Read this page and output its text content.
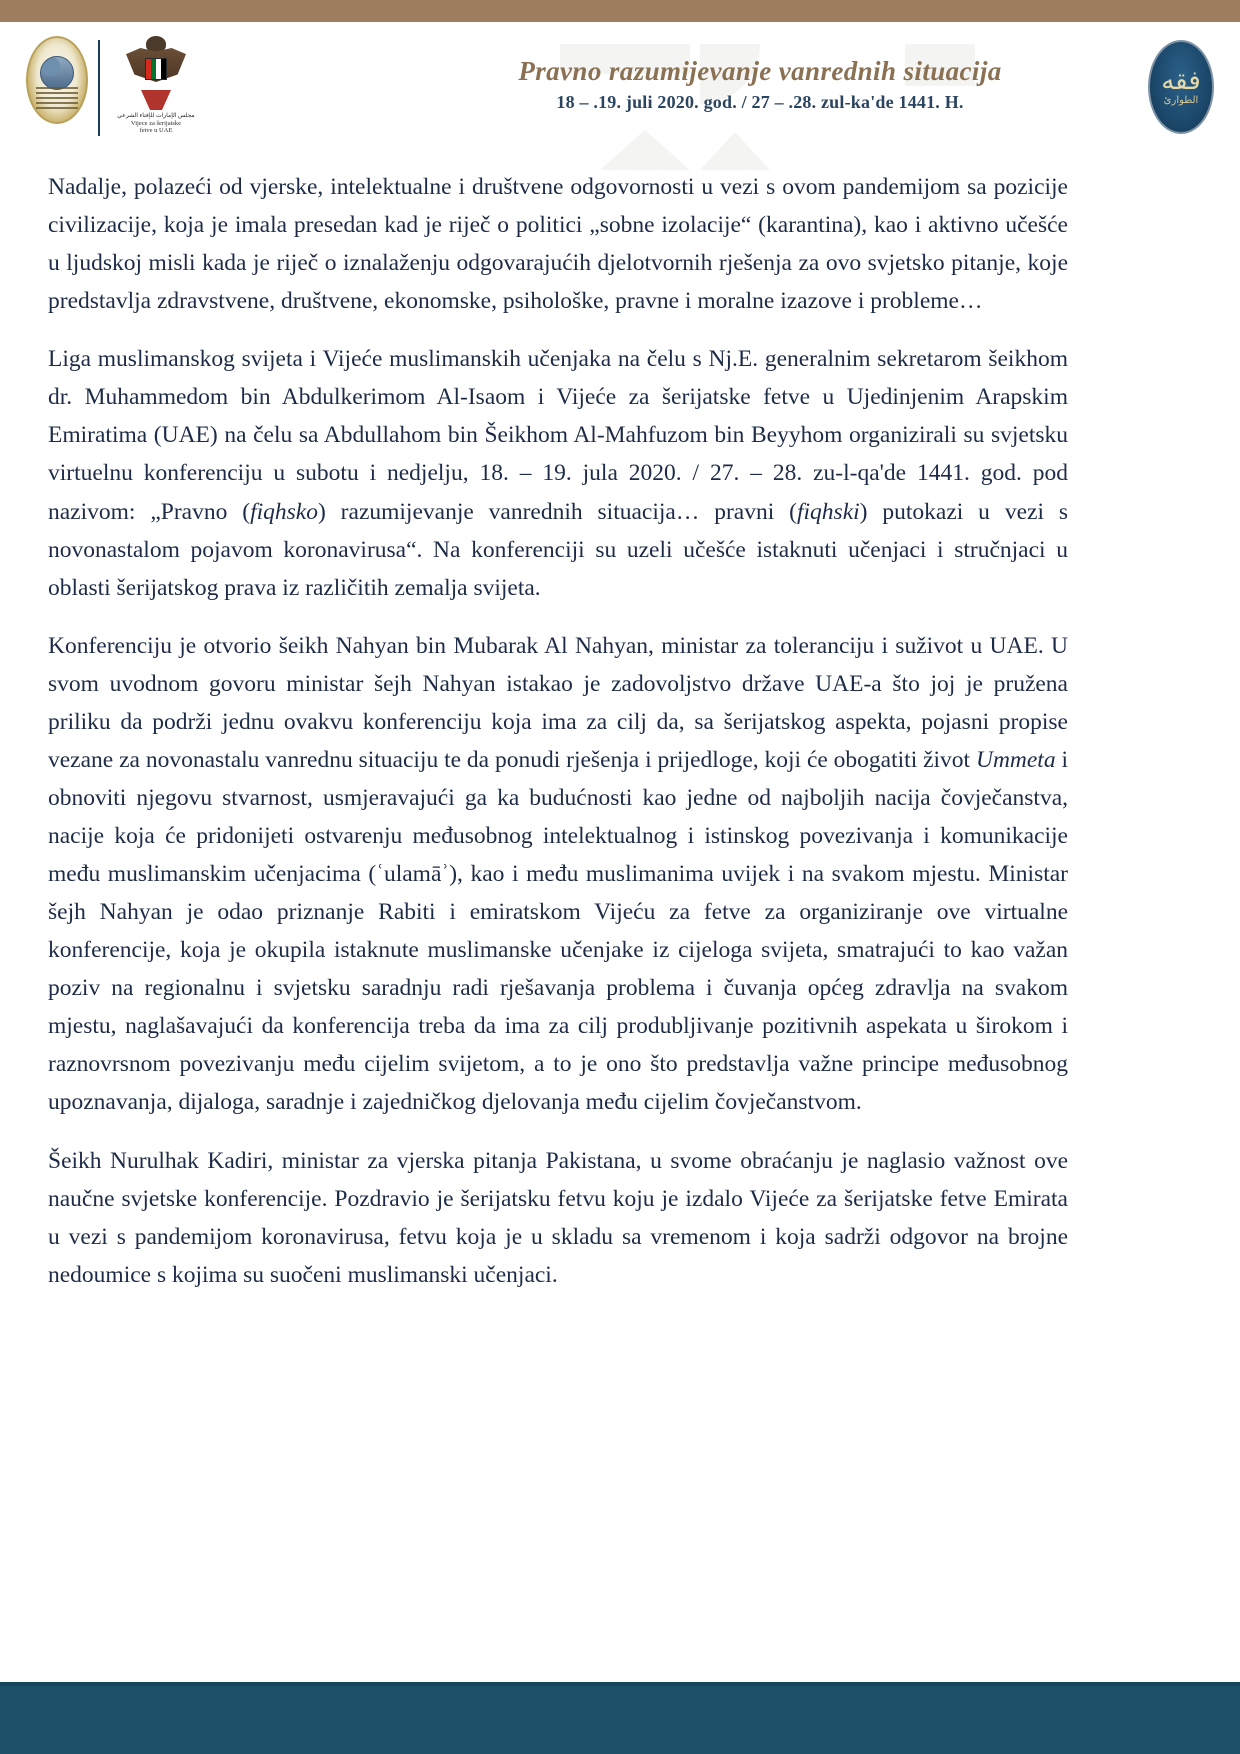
مجلس الإمارات للإفتاء الشرعي
Vijece za šerijatske
fetve u UAE
Pravno razumijevanje vanrednih situacija
18 – .19. juli 2020. god. / 27 – .28. zul-ka'de 1441. H.
فقه
الطوارئ

Nadalje, polazeći od vjerske, intelektualne i društvene odgovornosti u vezi s ovom pandemijom sa pozicije civilizacije, koja je imala presedan kad je riječ o politici „sobne izolacije“ (karantina), kao i aktivno učešće u ljudskoj misli kada je riječ o iznalaženju odgovarajućih djelotvornih rješenja za ovo svjetsko pitanje, koje predstavlja zdravstvene, društvene, ekonomske, psihološke, pravne i moralne izazove i probleme…

Liga muslimanskog svijeta i Vijeće muslimanskih učenjaka na čelu s Nj.E. generalnim sekretarom šeikhom dr. Muhammedom bin Abdulkerimom Al-Isaom i Vijeće za šerijatske fetve u Ujedinjenim Arapskim Emiratima (UAE) na čelu sa Abdullahom bin Šeikhom Al-Mahfuzom bin Beyyhom organizirali su svjetsku virtuelnu konferenciju u subotu i nedjelju, 18. – 19. jula 2020. / 27. – 28. zu-l-qa'de 1441. god. pod nazivom: „Pravno (fiqhsko) razumijevanje vanrednih situacija… pravni (fiqhski) putokazi u vezi s novonastalom pojavom koronavirusa“. Na konferenciji su uzeli učešće istaknuti učenjaci i stručnjaci u oblasti šerijatskog prava iz različitih zemalja svijeta.

Konferenciju je otvorio šeikh Nahyan bin Mubarak Al Nahyan, ministar za toleranciju i suživot u UAE. U svom uvodnom govoru ministar šejh Nahyan istakao je zadovoljstvo države UAE-a što joj je pružena priliku da podrži jednu ovakvu konferenciju koja ima za cilj da, sa šerijatskog aspekta, pojasni propise vezane za novonastalu vanrednu situaciju te da ponudi rješenja i prijedloge, koji će obogatiti život Ummeta i obnoviti njegovu stvarnost, usmjeravajući ga ka budućnosti kao jedne od najboljih nacija čovječanstva, nacije koja će pridonijeti ostvarenju međusobnog intelektualnog i istinskog povezivanja i komunikacije među muslimanskim učenjacima (ʿulamāʾ), kao i među muslimanima uvijek i na svakom mjestu. Ministar šejh Nahyan je odao priznanje Rabiti i emiratskom Vijeću za fetve za organiziranje ove virtualne konferencije, koja je okupila istaknute muslimanske učenjake iz cijeloga svijeta, smatrajući to kao važan poziv na regionalnu i svjetsku saradnju radi rješavanja problema i čuvanja općeg zdravlja na svakom mjestu, naglašavajući da konferencija treba da ima za cilj produbljivanje pozitivnih aspekata u širokom i raznovrsnom povezivanju među cijelim svijetom, a to je ono što predstavlja važne principe međusobnog upoznavanja, dijaloga, saradnje i zajedničkog djelovanja među cijelim čovječanstvom.

Šeikh Nurulhak Kadiri, ministar za vjerska pitanja Pakistana, u svome obraćanju je naglasio važnost ove naučne svjetske konferencije. Pozdravio je šerijatsku fetvu koju je izdalo Vijeće za šerijatske fetve Emirata u vezi s pandemijom koronavirusa, fetvu koja je u skladu sa vremenom i koja sadrži odgovor na brojne nedoumice s kojima su suočeni muslimanski učenjaci.
